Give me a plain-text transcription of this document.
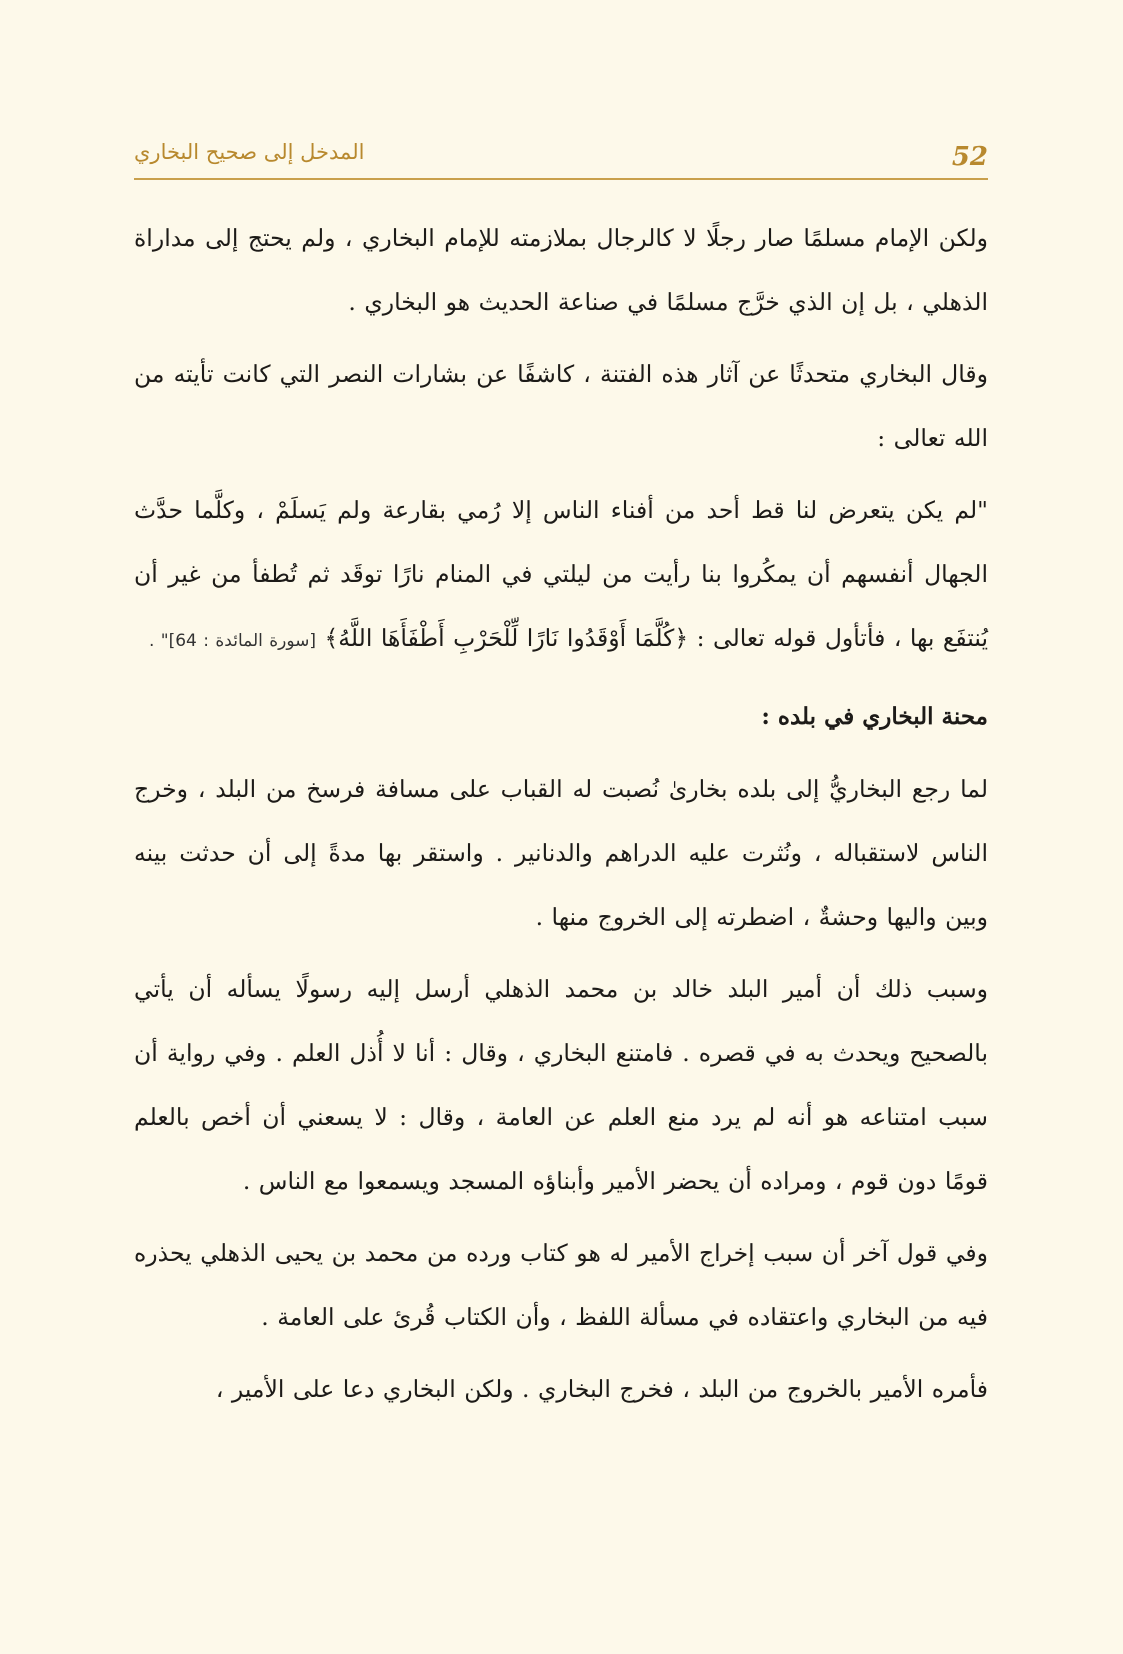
52
المدخل إلى صحيح البخاري

ولكن الإمام مسلمًا صار رجلًا لا كالرجال بملازمته للإمام البخاري ، ولم يحتج إلى مداراة الذهلي ، بل إن الذي خرَّج مسلمًا في صناعة الحديث هو البخاري .

وقال البخاري متحدثًا عن آثار هذه الفتنة ، كاشفًا عن بشارات النصر التي كانت تأيته من الله تعالى :

"لم يكن يتعرض لنا قط أحد من أفناء الناس إلا رُمي بقارعة ولم يَسلَمْ ، وكلَّما حدَّث الجهال أنفسهم أن يمكُروا بنا رأيت من ليلتي في المنام نارًا توقَد ثم تُطفأ من غير أن يُنتفَع بها ، فأتأول قوله تعالى : ﴿كُلَّمَا أَوْقَدُوا نَارًا لِّلْحَرْبِ أَطْفَأَهَا اللَّهُ﴾ [سورة المائدة : 64]" .

محنة البخاري في بلده :

لما رجع البخاريُّ إلى بلده بخارىٰ نُصبت له القباب على مسافة فرسخ من البلد ، وخرج الناس لاستقباله ، ونُثرت عليه الدراهم والدنانير . واستقر بها مدةً إلى أن حدثت بينه وبين واليها وحشةٌ ، اضطرته إلى الخروج منها .

وسبب ذلك أن أمير البلد خالد بن محمد الذهلي أرسل إليه رسولًا يسأله أن يأتي بالصحيح ويحدث به في قصره . فامتنع البخاري ، وقال : أنا لا أُذل العلم . وفي رواية أن سبب امتناعه هو أنه لم يرد منع العلم عن العامة ، وقال : لا يسعني أن أخص بالعلم قومًا دون قوم ، ومراده أن يحضر الأمير وأبناؤه المسجد ويسمعوا مع الناس .

وفي قول آخر أن سبب إخراج الأمير له هو كتاب ورده من محمد بن يحيى الذهلي يحذره فيه من البخاري واعتقاده في مسألة اللفظ ، وأن الكتاب قُرئ على العامة .

فأمره الأمير بالخروج من البلد ، فخرج البخاري . ولكن البخاري دعا على الأمير ،
